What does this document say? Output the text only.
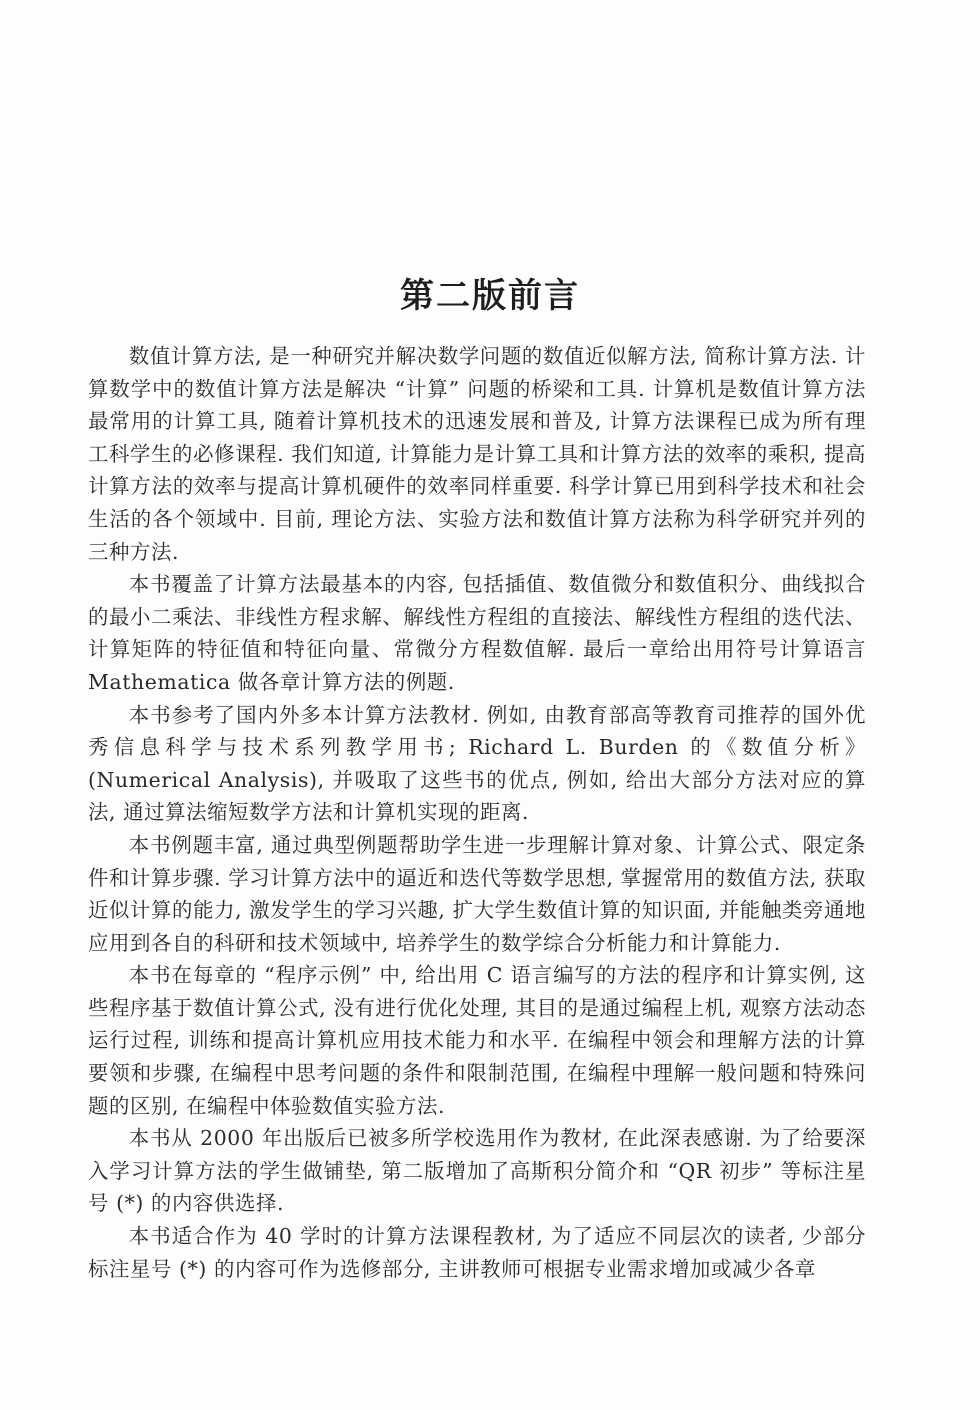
第二版前言

数值计算方法, 是一种研究并解决数学问题的数值近似解方法, 简称计算方法. 计算数学中的数值计算方法是解决 “计算” 问题的桥梁和工具. 计算机是数值计算方法最常用的计算工具, 随着计算机技术的迅速发展和普及, 计算方法课程已成为所有理工科学生的必修课程. 我们知道, 计算能力是计算工具和计算方法的效率的乘积, 提高计算方法的效率与提高计算机硬件的效率同样重要. 科学计算已用到科学技术和社会生活的各个领域中. 目前, 理论方法、实验方法和数值计算方法称为科学研究并列的三种方法.

本书覆盖了计算方法最基本的内容, 包括插值、数值微分和数值积分、曲线拟合的最小二乘法、非线性方程求解、解线性方程组的直接法、解线性方程组的迭代法、计算矩阵的特征值和特征向量、常微分方程数值解. 最后一章给出用符号计算语言 Mathematica 做各章计算方法的例题.

本书参考了国内外多本计算方法教材. 例如, 由教育部高等教育司推荐的国外优秀信息科学与技术系列教学用书; Richard L. Burden 的《数值分析》(Numerical Analysis), 并吸取了这些书的优点, 例如, 给出大部分方法对应的算法, 通过算法缩短数学方法和计算机实现的距离.

本书例题丰富, 通过典型例题帮助学生进一步理解计算对象、计算公式、限定条件和计算步骤. 学习计算方法中的逼近和迭代等数学思想, 掌握常用的数值方法, 获取近似计算的能力, 激发学生的学习兴趣, 扩大学生数值计算的知识面, 并能触类旁通地应用到各自的科研和技术领域中, 培养学生的数学综合分析能力和计算能力.

本书在每章的 “程序示例” 中, 给出用 C 语言编写的方法的程序和计算实例, 这些程序基于数值计算公式, 没有进行优化处理, 其目的是通过编程上机, 观察方法动态运行过程, 训练和提高计算机应用技术能力和水平. 在编程中领会和理解方法的计算要领和步骤, 在编程中思考问题的条件和限制范围, 在编程中理解一般问题和特殊问题的区别, 在编程中体验数值实验方法.

本书从 2000 年出版后已被多所学校选用作为教材, 在此深表感谢. 为了给要深入学习计算方法的学生做铺垫, 第二版增加了高斯积分简介和 “QR 初步” 等标注星号 (*) 的内容供选择.

本书适合作为 40 学时的计算方法课程教材, 为了适应不同层次的读者, 少部分标注星号 (*) 的内容可作为选修部分, 主讲教师可根据专业需求增加或减少各章
